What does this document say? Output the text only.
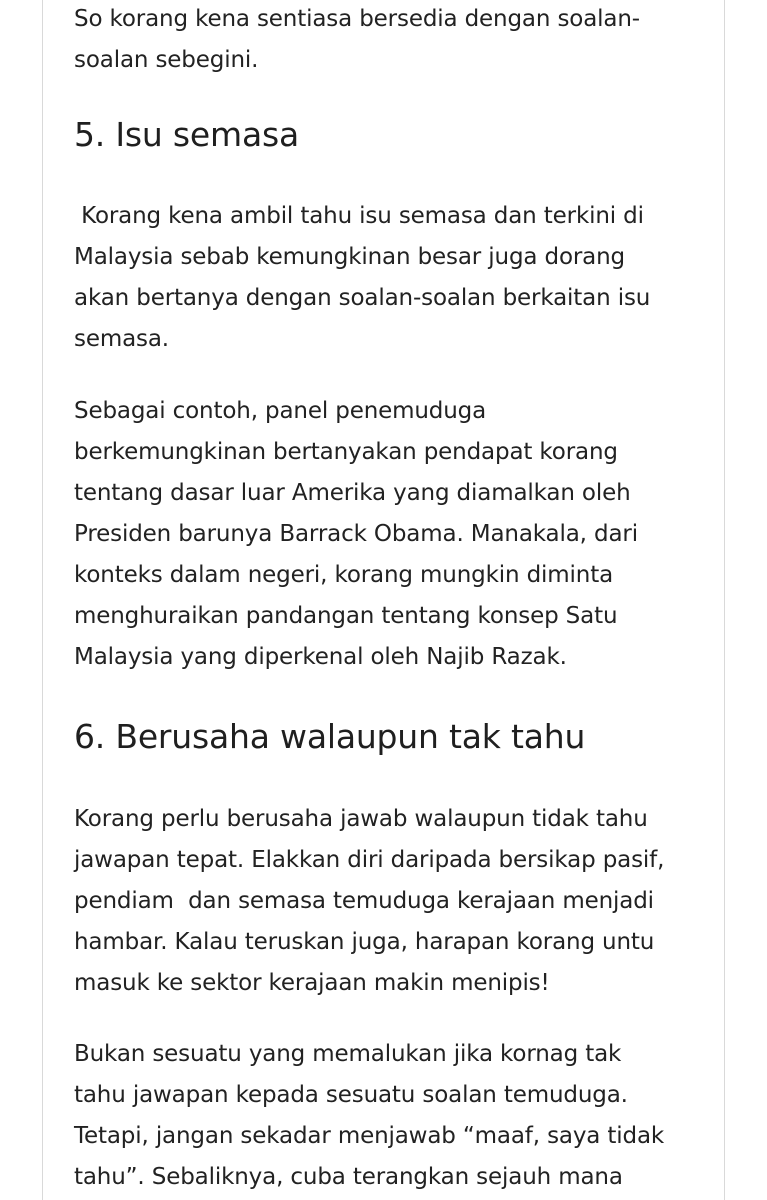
So korang kena sentiasa bersedia dengan soalan-
soalan sebegini.

5. Isu semasa

Korang kena ambil tahu isu semasa dan terkini di
Malaysia sebab kemungkinan besar juga dorang
akan bertanya dengan soalan-soalan berkaitan isu
semasa.

Sebagai contoh, panel penemuduga
berkemungkinan bertanyakan pendapat korang
tentang dasar luar Amerika yang diamalkan oleh
Presiden barunya Barrack Obama. Manakala, dari
konteks dalam negeri, korang mungkin diminta
menghuraikan pandangan tentang konsep Satu
Malaysia yang diperkenal oleh Najib Razak.

6. Berusaha walaupun tak tahu

Korang perlu berusaha jawab walaupun tidak tahu
jawapan tepat. Elakkan diri daripada bersikap pasif,
pendiam  dan semasa temuduga kerajaan menjadi
hambar. Kalau teruskan juga, harapan korang untu
masuk ke sektor kerajaan makin menipis!

Bukan sesuatu yang memalukan jika kornag tak
tahu jawapan kepada sesuatu soalan temuduga.
Tetapi, jangan sekadar menjawab “maaf, saya tidak
tahu”. Sebaliknya, cuba terangkan sejauh mana
